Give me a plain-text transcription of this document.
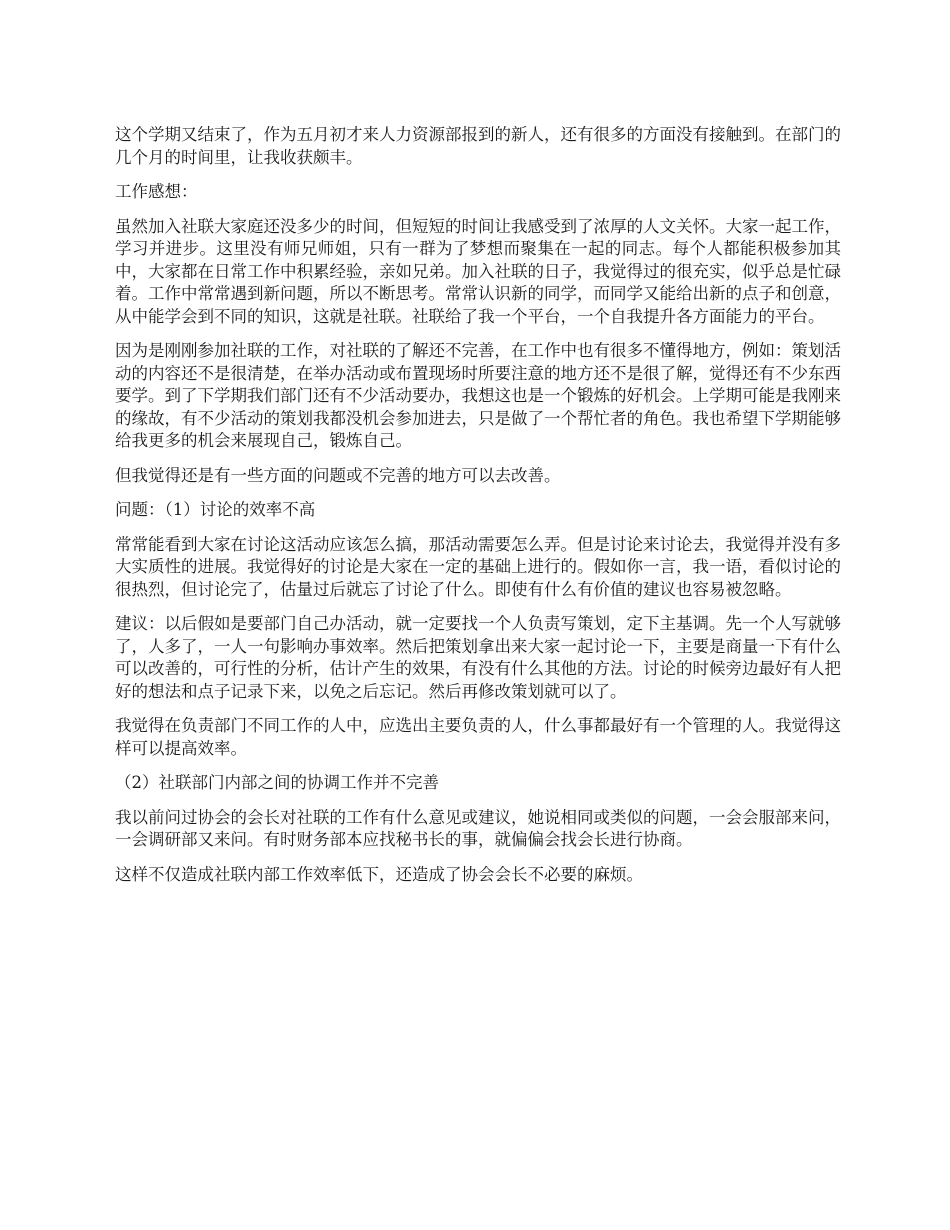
这个学期又结束了，作为五月初才来人力资源部报到的新人，还有很多的方面没有接触到。在部门的几个月的时间里，让我收获颇丰。

工作感想：

虽然加入社联大家庭还没多少的时间，但短短的时间让我感受到了浓厚的人文关怀。大家一起工作，学习并进步。这里没有师兄师姐，只有一群为了梦想而聚集在一起的同志。每个人都能积极参加其中，大家都在日常工作中积累经验，亲如兄弟。加入社联的日子，我觉得过的很充实，似乎总是忙碌着。工作中常常遇到新问题，所以不断思考。常常认识新的同学，而同学又能给出新的点子和创意，从中能学会到不同的知识，这就是社联。社联给了我一个平台，一个自我提升各方面能力的平台。

因为是刚刚参加社联的工作，对社联的了解还不完善，在工作中也有很多不懂得地方，例如：策划活动的内容还不是很清楚，在举办活动或布置现场时所要注意的地方还不是很了解，觉得还有不少东西要学。到了下学期我们部门还有不少活动要办，我想这也是一个锻炼的好机会。上学期可能是我刚来的缘故，有不少活动的策划我都没机会参加进去，只是做了一个帮忙者的角色。我也希望下学期能够给我更多的机会来展现自己，锻炼自己。

但我觉得还是有一些方面的问题或不完善的地方可以去改善。

问题：（1）讨论的效率不高

常常能看到大家在讨论这活动应该怎么搞，那活动需要怎么弄。但是讨论来讨论去，我觉得并没有多大实质性的进展。我觉得好的讨论是大家在一定的基础上进行的。假如你一言，我一语，看似讨论的很热烈，但讨论完了，估量过后就忘了讨论了什么。即使有什么有价值的建议也容易被忽略。

建议：以后假如是要部门自己办活动，就一定要找一个人负责写策划，定下主基调。先一个人写就够了，人多了，一人一句影响办事效率。然后把策划拿出来大家一起讨论一下，主要是商量一下有什么可以改善的，可行性的分析，估计产生的效果，有没有什么其他的方法。讨论的时候旁边最好有人把好的想法和点子记录下来，以免之后忘记。然后再修改策划就可以了。

我觉得在负责部门不同工作的人中，应选出主要负责的人，什么事都最好有一个管理的人。我觉得这样可以提高效率。

（2）社联部门内部之间的协调工作并不完善

我以前问过协会的会长对社联的工作有什么意见或建议，她说相同或类似的问题，一会会服部来问，一会调研部又来问。有时财务部本应找秘书长的事，就偏偏会找会长进行协商。

这样不仅造成社联内部工作效率低下，还造成了协会会长不必要的麻烦。
